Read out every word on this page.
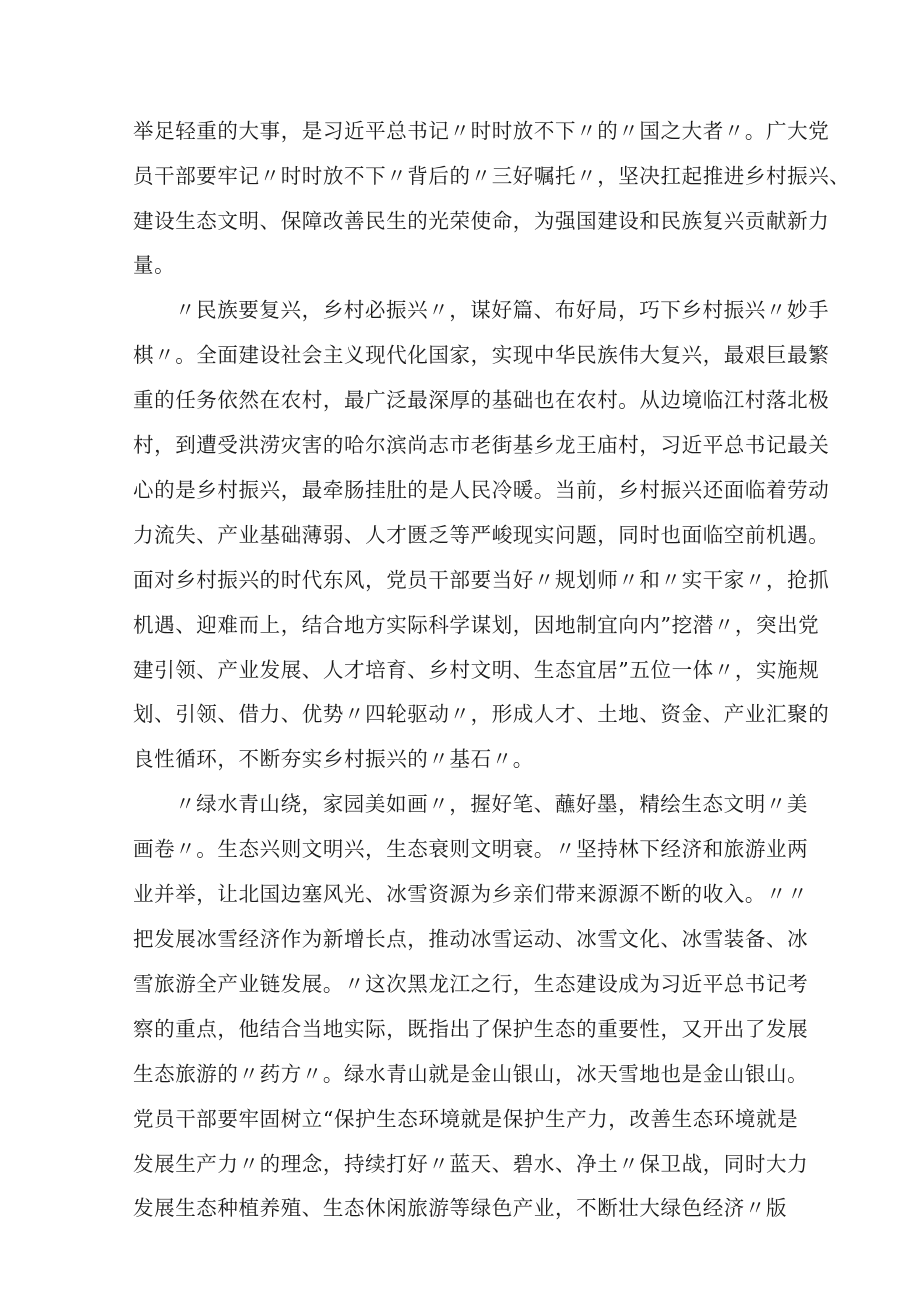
举足轻重的大事，是习近平总书记〃时时放不下〃的〃国之大者〃。广大党
员干部要牢记〃时时放不下〃背后的〃三好嘱托〃，坚决扛起推进乡村振兴、
建设生态文明、保障改善民生的光荣使命，为强国建设和民族复兴贡献新力
量。
〃民族要复兴，乡村必振兴〃，谋好篇、布好局，巧下乡村振兴〃妙手
棋〃。全面建设社会主义现代化国家，实现中华民族伟大复兴，最艰巨最繁
重的任务依然在农村，最广泛最深厚的基础也在农村。从边境临江村落北极
村，到遭受洪涝灾害的哈尔滨尚志市老街基乡龙王庙村，习近平总书记最关
心的是乡村振兴，最牵肠挂肚的是人民冷暖。当前，乡村振兴还面临着劳动
力流失、产业基础薄弱、人才匮乏等严峻现实问题，同时也面临空前机遇。
面对乡村振兴的时代东风，党员干部要当好〃规划师〃和〃实干家〃，抢抓
机遇、迎难而上，结合地方实际科学谋划，因地制宜向内”挖潜〃，突出党
建引领、产业发展、人才培育、乡村文明、生态宜居”五位一体〃，实施规
划、引领、借力、优势〃四轮驱动〃，形成人才、土地、资金、产业汇聚的
良性循环，不断夯实乡村振兴的〃基石〃。
〃绿水青山绕，家园美如画〃，握好笔、蘸好墨，精绘生态文明〃美
画卷〃。生态兴则文明兴，生态衰则文明衰。〃坚持林下经济和旅游业两
业并举，让北国边塞风光、冰雪资源为乡亲们带来源源不断的收入。〃〃
把发展冰雪经济作为新增长点，推动冰雪运动、冰雪文化、冰雪装备、冰
雪旅游全产业链发展。〃这次黑龙江之行，生态建设成为习近平总书记考
察的重点，他结合当地实际，既指出了保护生态的重要性，又开出了发展
生态旅游的〃药方〃。绿水青山就是金山银山，冰天雪地也是金山银山。
党员干部要牢固树立“保护生态环境就是保护生产力，改善生态环境就是
发展生产力〃的理念，持续打好〃蓝天、碧水、净土〃保卫战，同时大力
发展生态种植养殖、生态休闲旅游等绿色产业，不断壮大绿色经济〃版
